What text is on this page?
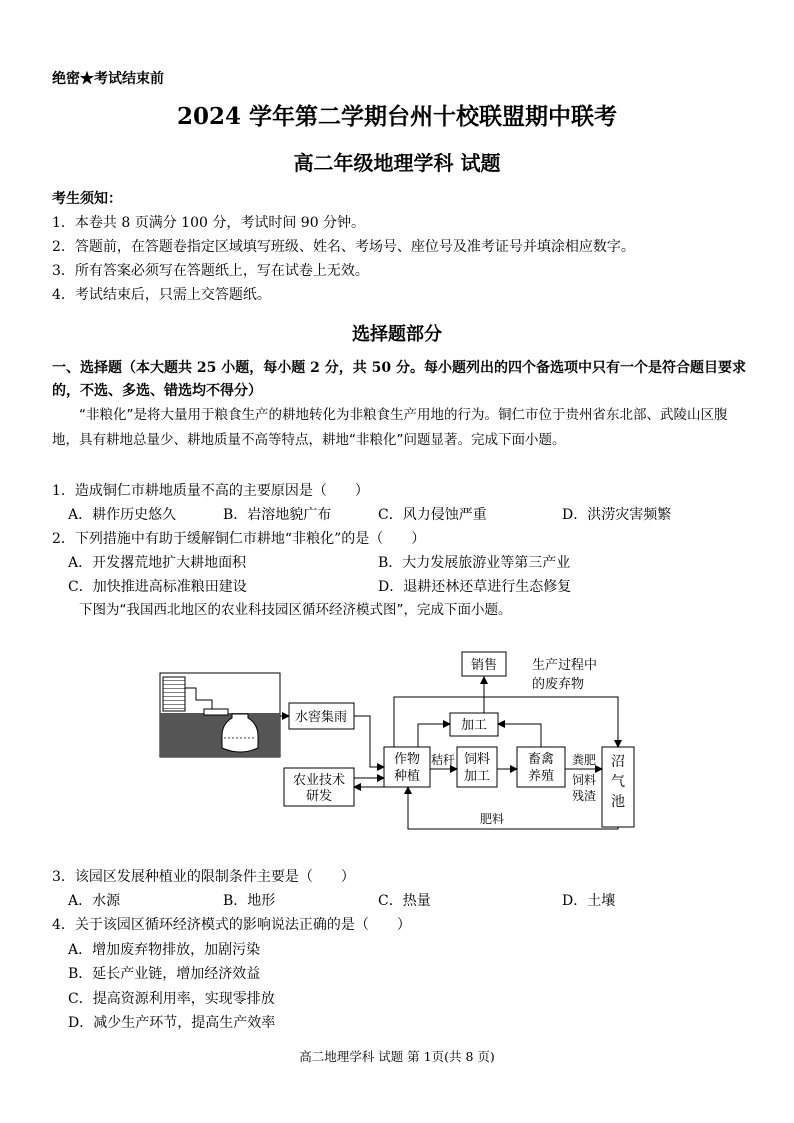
绝密★考试结束前
2024 学年第二学期台州十校联盟期中联考
高二年级地理学科 试题
考生须知：
1．本卷共 8 页满分 100 分，考试时间 90 分钟。
2．答题前，在答题卷指定区域填写班级、姓名、考场号、座位号及准考证号并填涂相应数字。
3．所有答案必须写在答题纸上，写在试卷上无效。
4．考试结束后，只需上交答题纸。
选择题部分
一、选择题（本大题共 25 小题，每小题 2 分，共 50 分。每小题列出的四个备选项中只有一个是符合题目要求的，不选、多选、错选均不得分）
“非粮化”是将大量用于粮食生产的耕地转化为非粮食生产用地的行为。铜仁市位于贵州省东北部、武陵山区腹地，具有耕地总量少、耕地质量不高等特点，耕地“非粮化”问题显著。完成下面小题。
1．造成铜仁市耕地质量不高的主要原因是（　　）
A．耕作历史悠久	B．岩溶地貌广布	C．风力侵蚀严重	D．洪涝灾害频繁
2．下列措施中有助于缓解铜仁市耕地“非粮化”的是（　　）
A．开发撂荒地扩大耕地面积	B．大力发展旅游业等第三产业
C．加快推进高标准粮田建设	D．退耕还林还草进行生态修复
下图为“我国西北地区的农业科技园区循环经济模式图”，完成下面小题。
水窖集雨
农业技术
研发
作物
种植
加工
销售	生产过程中
的废弃物
饲料
加工
畜禽
养殖
沼
气
池
秸秆	粪肥
饲料
残渣
肥料
3．该园区发展种植业的限制条件主要是（　　）
A．水源	B．地形	C．热量	D．土壤
4．关于该园区循环经济模式的影响说法正确的是（　　）
A．增加废弃物排放，加剧污染
B．延长产业链，增加经济效益
C．提高资源利用率，实现零排放
D．减少生产环节，提高生产效率
高二地理学科 试题 第 1页(共 8 页)
